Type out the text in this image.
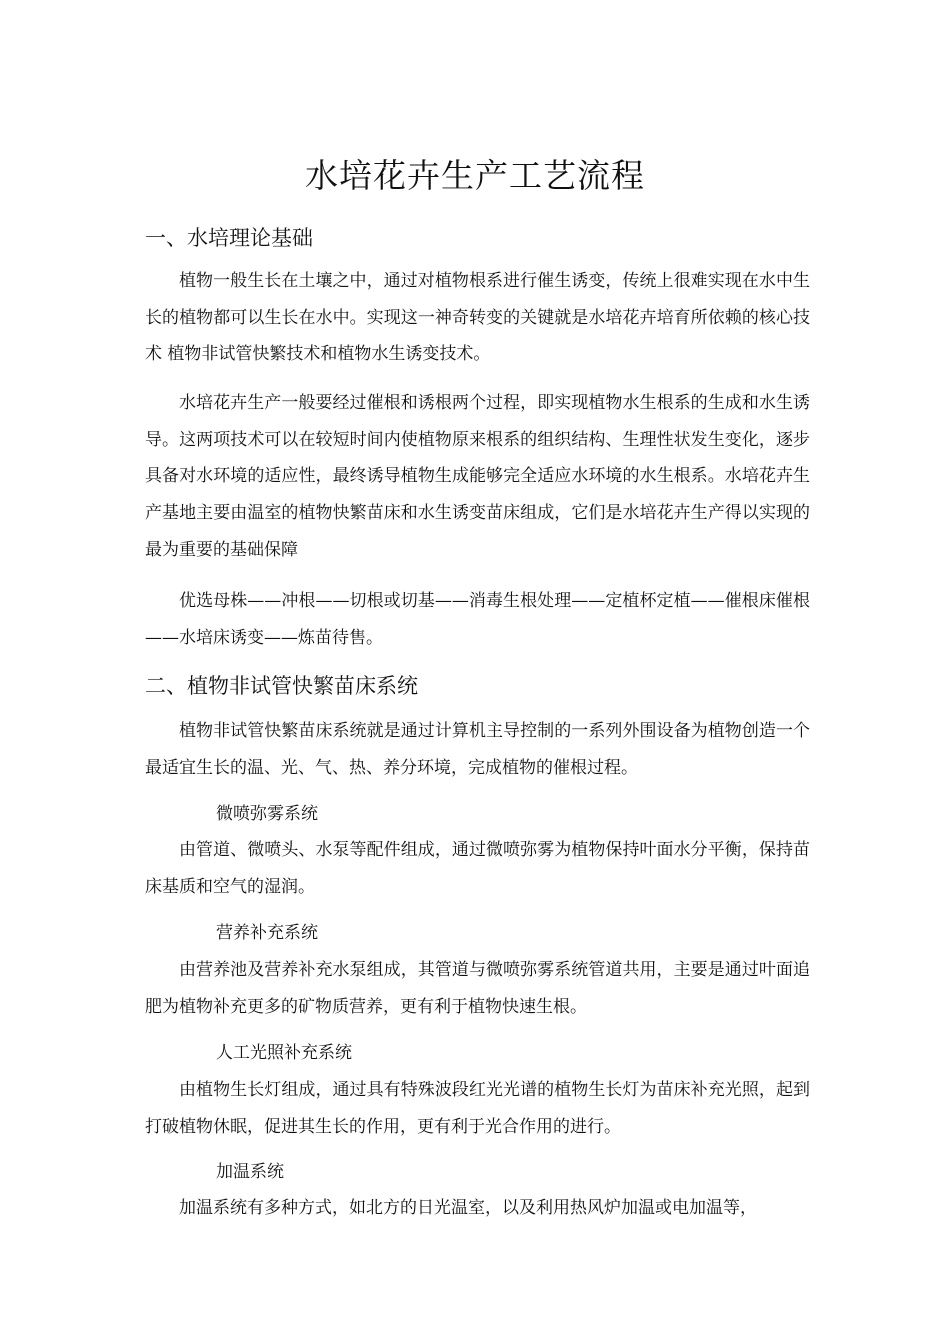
水培花卉生产工艺流程
一、水培理论基础

植物一般生长在土壤之中，通过对植物根系进行催生诱变，传统上很难实现在水中生长的植物都可以生长在水中。实现这一神奇转变的关键就是水培花卉培育所依赖的核心技术 植物非试管快繁技术和植物水生诱变技术。

水培花卉生产一般要经过催根和诱根两个过程，即实现植物水生根系的生成和水生诱导。这两项技术可以在较短时间内使植物原来根系的组织结构、生理性状发生变化，逐步具备对水环境的适应性，最终诱导植物生成能够完全适应水环境的水生根系。水培花卉生产基地主要由温室的植物快繁苗床和水生诱变苗床组成，它们是水培花卉生产得以实现的最为重要的基础保障

优选母株——冲根——切根或切基——消毒生根处理——定植杯定植——催根床催根——水培床诱变——炼苗待售。

二、植物非试管快繁苗床系统

植物非试管快繁苗床系统就是通过计算机主导控制的一系列外围设备为植物创造一个最适宜生长的温、光、气、热、养分环境，完成植物的催根过程。

微喷弥雾系统

由管道、微喷头、水泵等配件组成，通过微喷弥雾为植物保持叶面水分平衡，保持苗床基质和空气的湿润。

营养补充系统

由营养池及营养补充水泵组成，其管道与微喷弥雾系统管道共用，主要是通过叶面追肥为植物补充更多的矿物质营养，更有利于植物快速生根。

人工光照补充系统

由植物生长灯组成，通过具有特殊波段红光光谱的植物生长灯为苗床补充光照，起到打破植物休眠，促进其生长的作用，更有利于光合作用的进行。

加温系统

加温系统有多种方式，如北方的日光温室，以及利用热风炉加温或电加温等，
